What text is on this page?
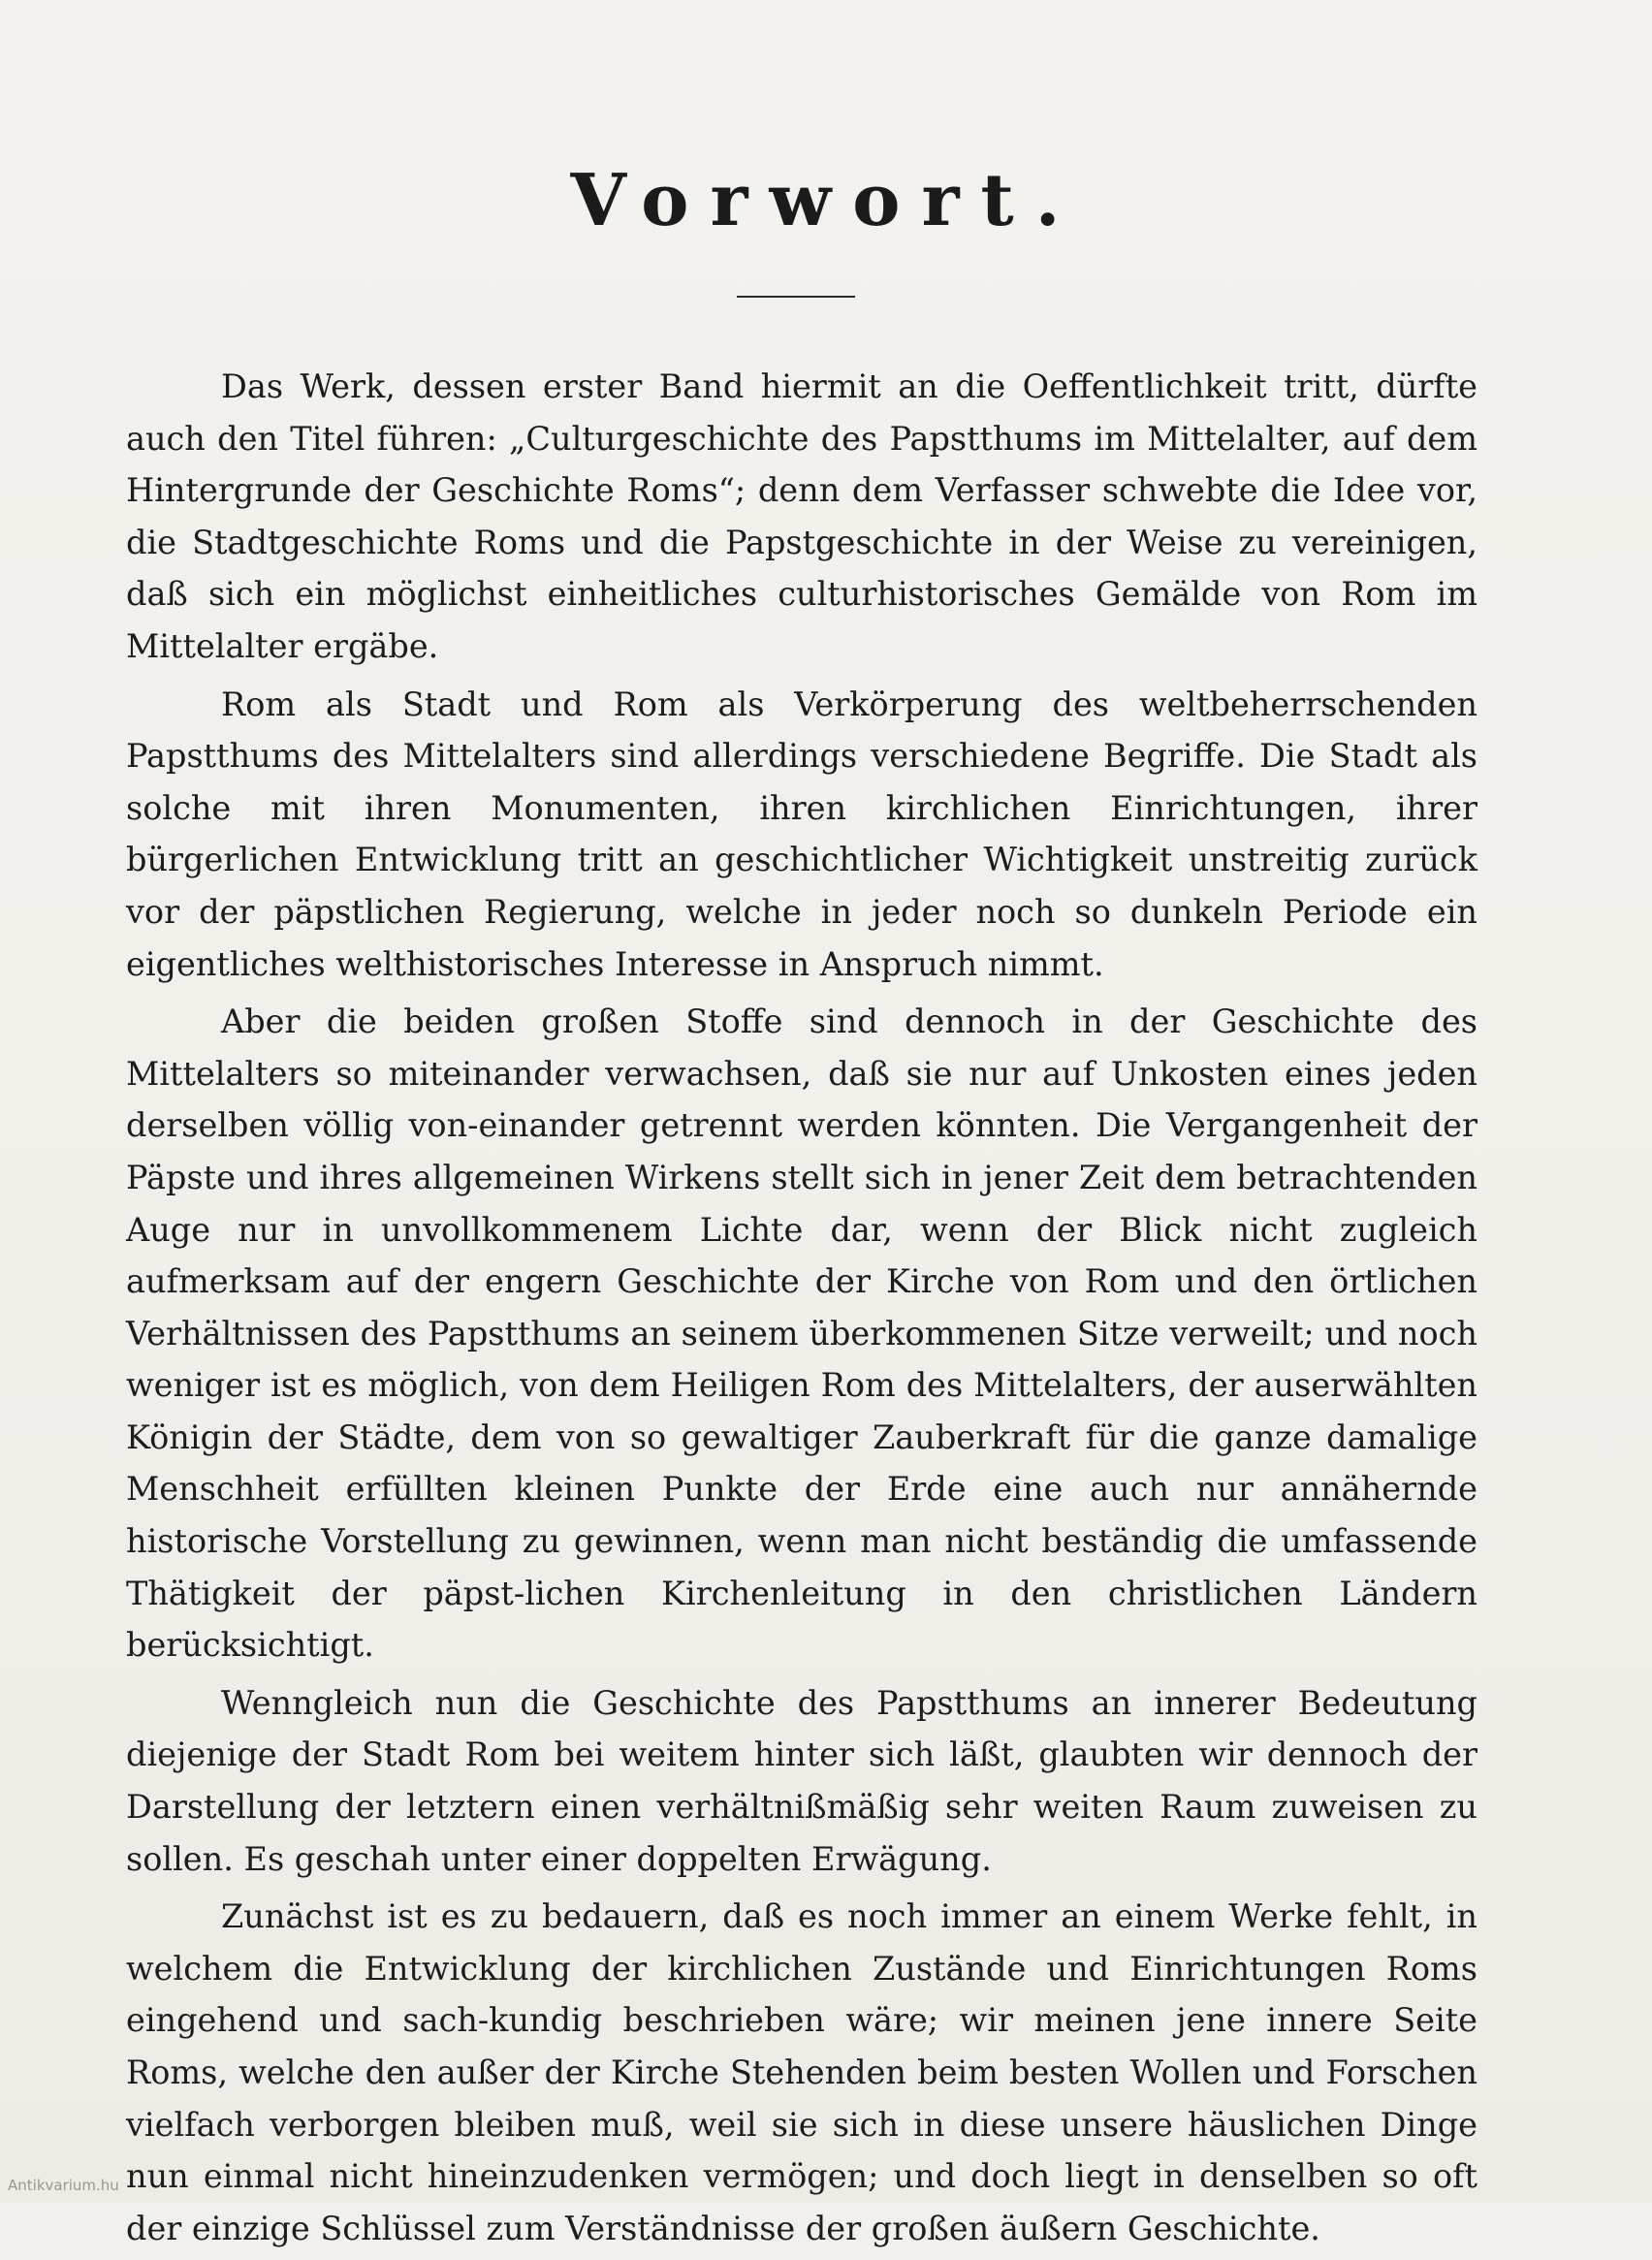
Vorwort.

Das Werk, dessen erster Band hiermit an die Oeffentlichkeit tritt, dürfte auch den Titel führen: „Culturgeschichte des Papstthums im Mittelalter, auf dem Hintergrunde der Geschichte Roms“; denn dem Verfasser schwebte die Idee vor, die Stadtgeschichte Roms und die Papstgeschichte in der Weise zu vereinigen, daß sich ein möglichst einheitliches culturhistorisches Gemälde von Rom im Mittelalter ergäbe.

Rom als Stadt und Rom als Verkörperung des weltbeherrschenden Papstthums des Mittelalters sind allerdings verschiedene Begriffe. Die Stadt als solche mit ihren Monumenten, ihren kirchlichen Einrichtungen, ihrer bürgerlichen Entwicklung tritt an geschichtlicher Wichtigkeit unstreitig zurück vor der päpstlichen Regierung, welche in jeder noch so dunkeln Periode ein eigentliches welthistorisches Interesse in Anspruch nimmt.

Aber die beiden großen Stoffe sind dennoch in der Geschichte des Mittelalters so miteinander verwachsen, daß sie nur auf Unkosten eines jeden derselben völlig von-einander getrennt werden könnten. Die Vergangenheit der Päpste und ihres allgemeinen Wirkens stellt sich in jener Zeit dem betrachtenden Auge nur in unvollkommenem Lichte dar, wenn der Blick nicht zugleich aufmerksam auf der engern Geschichte der Kirche von Rom und den örtlichen Verhältnissen des Papstthums an seinem überkommenen Sitze verweilt; und noch weniger ist es möglich, von dem Heiligen Rom des Mittelalters, der auserwählten Königin der Städte, dem von so gewaltiger Zauberkraft für die ganze damalige Menschheit erfüllten kleinen Punkte der Erde eine auch nur annähernde historische Vorstellung zu gewinnen, wenn man nicht beständig die umfassende Thätigkeit der päpst-lichen Kirchenleitung in den christlichen Ländern berücksichtigt.

Wenngleich nun die Geschichte des Papstthums an innerer Bedeutung diejenige der Stadt Rom bei weitem hinter sich läßt, glaubten wir dennoch der Darstellung der letztern einen verhältnißmäßig sehr weiten Raum zuweisen zu sollen. Es geschah unter einer doppelten Erwägung.

Zunächst ist es zu bedauern, daß es noch immer an einem Werke fehlt, in welchem die Entwicklung der kirchlichen Zustände und Einrichtungen Roms eingehend und sach-kundig beschrieben wäre; wir meinen jene innere Seite Roms, welche den außer der Kirche Stehenden beim besten Wollen und Forschen vielfach verborgen bleiben muß, weil sie sich in diese unsere häuslichen Dinge nun einmal nicht hineinzudenken vermögen; und doch liegt in denselben so oft der einzige Schlüssel zum Verständnisse der großen äußern Geschichte.

Antikvarium.hu
